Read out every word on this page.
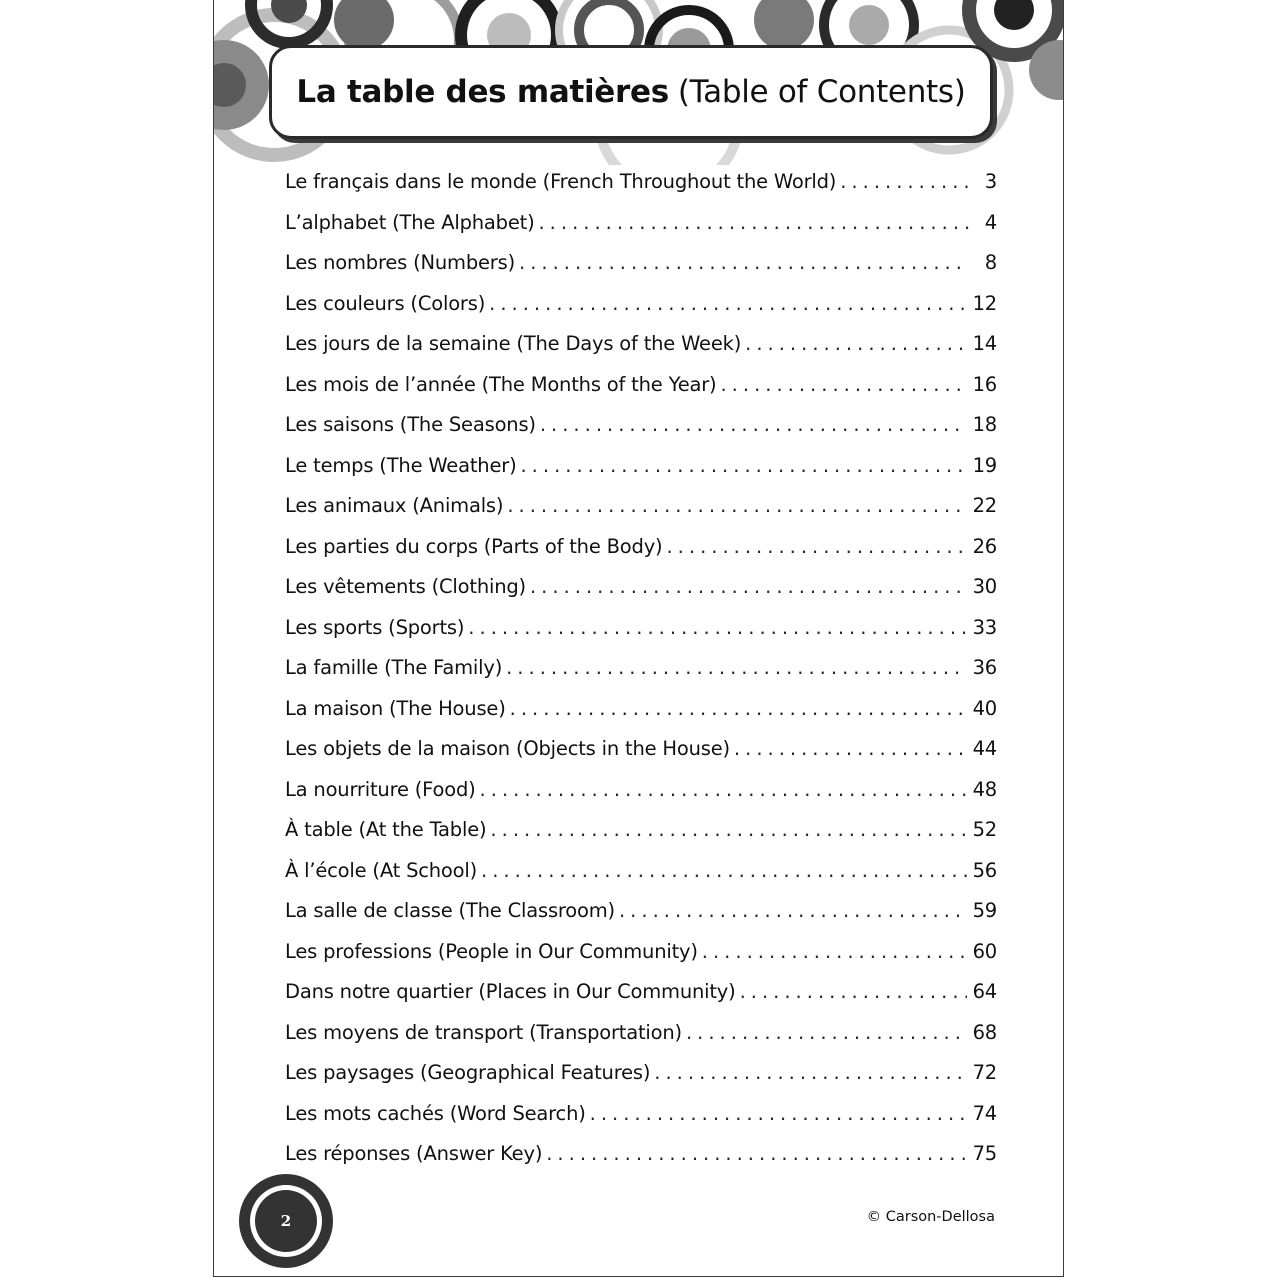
La table des matières (Table of Contents)
Le français dans le monde (French Throughout the World) .....	3
L’alphabet (The Alphabet) .....	4
Les nombres (Numbers) .....	8
Les couleurs (Colors) .....	12
Les jours de la semaine (The Days of the Week) .....	14
Les mois de l’année (The Months of the Year) .....	16
Les saisons (The Seasons) .....	18
Le temps (The Weather) .....	19
Les animaux (Animals) .....	22
Les parties du corps (Parts of the Body) .....	26
Les vêtements (Clothing) .....	30
Les sports (Sports) .....	33
La famille (The Family) .....	36
La maison (The House) .....	40
Les objets de la maison (Objects in the House) .....	44
La nourriture (Food) .....	48
À table (At the Table) .....	52
À l’école (At School) .....	56
La salle de classe (The Classroom) .....	59
Les professions (People in Our Community) .....	60
Dans notre quartier (Places in Our Community) .....	64
Les moyens de transport (Transportation) .....	68
Les paysages (Geographical Features) .....	72
Les mots cachés (Word Search) .....	74
Les réponses (Answer Key) .....	75
2	© Carson-Dellosa
